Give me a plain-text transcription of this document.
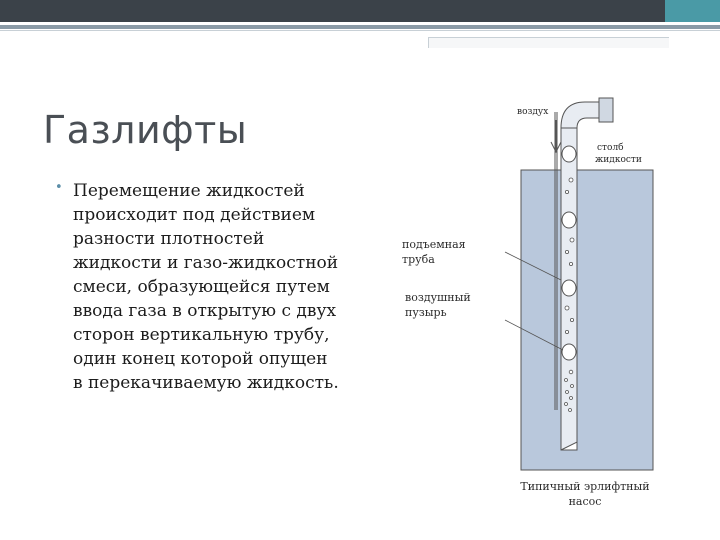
Газлифты
• Перемещение жидкостей
происходит под действием
разности плотностей
жидкости и газо-жидкостной
смеси, образующейся путем
ввода газа в открытую с двух
сторон вертикальную трубу,
один конец которой опущен
в перекачиваемую жидкость.

воздух
столб
жидкости
подъемная
труба
воздушный
пузырь
Типичный эрлифтный
насос
